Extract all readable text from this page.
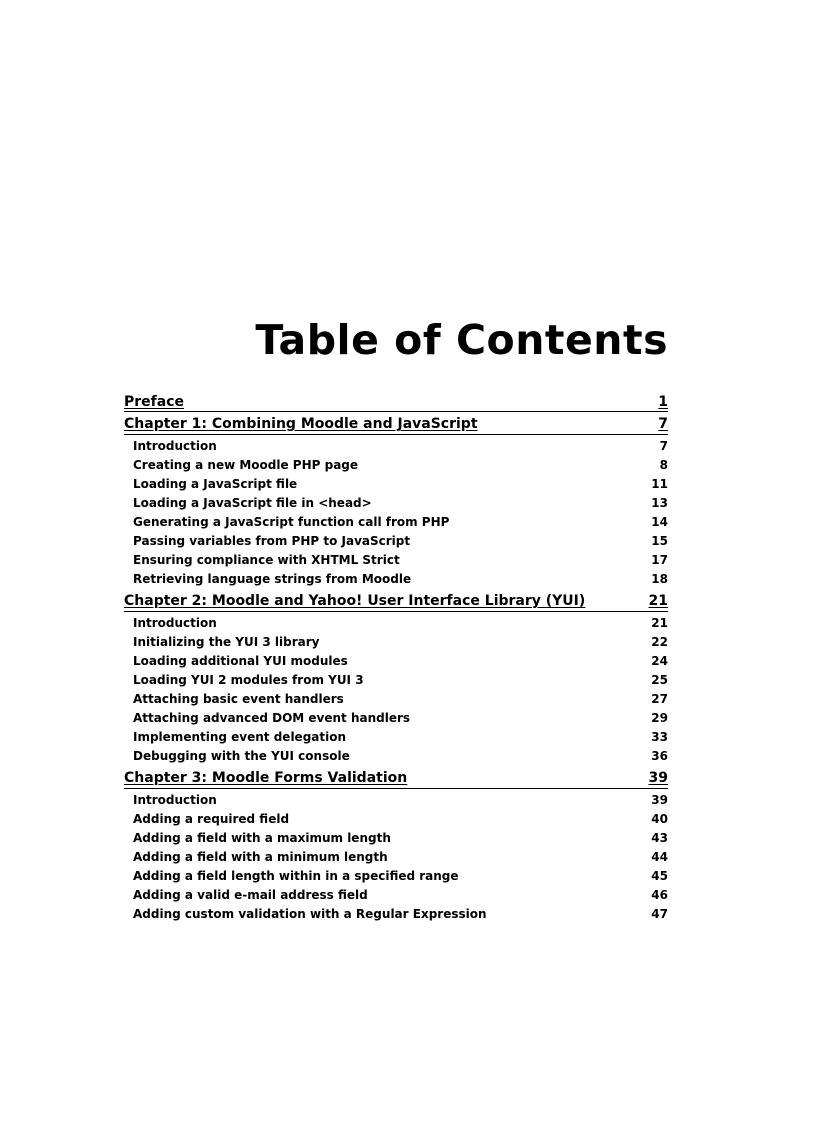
Table of Contents
Preface	1
Chapter 1: Combining Moodle and JavaScript	7
Introduction	7
Creating a new Moodle PHP page	8
Loading a JavaScript file	11
Loading a JavaScript file in <head>	13
Generating a JavaScript function call from PHP	14
Passing variables from PHP to JavaScript	15
Ensuring compliance with XHTML Strict	17
Retrieving language strings from Moodle	18
Chapter 2: Moodle and Yahoo! User Interface Library (YUI)	21
Introduction	21
Initializing the YUI 3 library	22
Loading additional YUI modules	24
Loading YUI 2 modules from YUI 3	25
Attaching basic event handlers	27
Attaching advanced DOM event handlers	29
Implementing event delegation	33
Debugging with the YUI console	36
Chapter 3: Moodle Forms Validation	39
Introduction	39
Adding a required field	40
Adding a field with a maximum length	43
Adding a field with a minimum length	44
Adding a field length within in a specified range	45
Adding a valid e-mail address field	46
Adding custom validation with a Regular Expression	47
